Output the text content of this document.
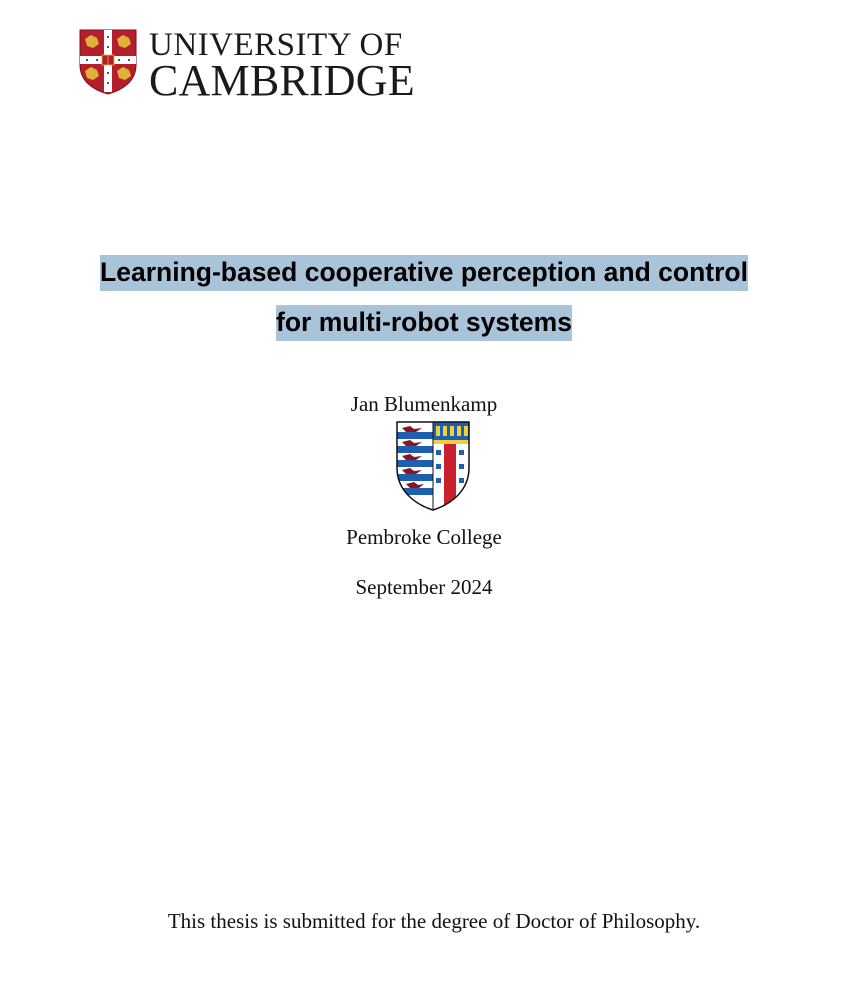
UNIVERSITY OF
CAMBRIDGE
Learning-based cooperative perception and control
for multi-robot systems
Jan Blumenkamp
Pembroke College
September 2024
This thesis is submitted for the degree of Doctor of Philosophy.
